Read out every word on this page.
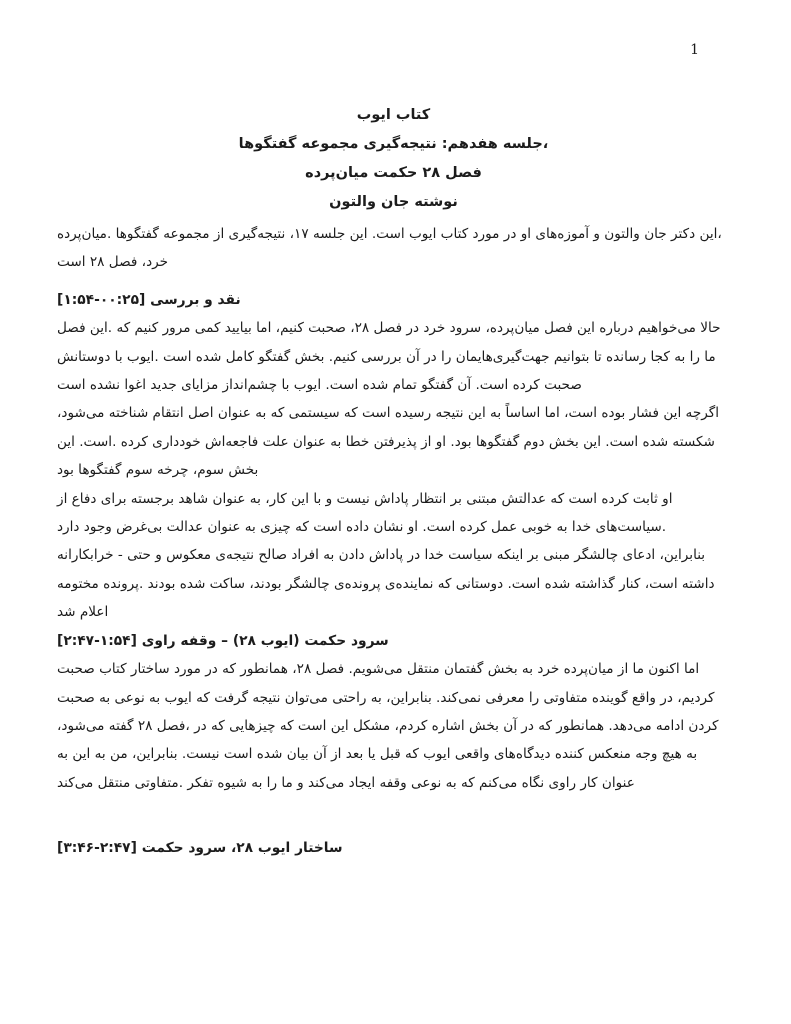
1
کتاب ایوب
،جلسه هفدهم: نتیجه‌گیری مجموعه گفتگوها
فصل ۲۸ حکمت میان‌پرده
نوشته جان والتون

،این دکتر جان والتون و آموزه‌های او در مورد کتاب ایوب است. این جلسه ۱۷، نتیجه‌گیری از مجموعه گفتگوها .میان‌پرده خرد، فصل ۲۸ است

نقد و بررسی [۰۰:۲۵-۱:۵۴]

حالا می‌خواهیم درباره این فصل میان‌پرده، سرود خرد در فصل ۲۸، صحبت کنیم، اما بیایید کمی مرور کنیم که .این فصل ما را به کجا رسانده تا بتوانیم جهت‌گیری‌هایمان را در آن بررسی کنیم. بخش گفتگو کامل شده است .ایوب با دوستانش صحبت کرده است. آن گفتگو تمام شده است. ایوب با چشم‌انداز مزایای جدید اغوا نشده است

اگرچه این فشار بوده است، اما اساساً به این نتیجه رسیده است که سیستمی که به عنوان اصل انتقام شناخته می‌شود، شکسته شده است. این بخش دوم گفتگوها بود. او از پذیرفتن خطا به عنوان علت فاجعه‌اش خودداری کرده .است. این بخش سوم، چرخه سوم گفتگوها بود

او ثابت کرده است که عدالتش مبتنی بر انتظار پاداش نیست و با این کار، به عنوان شاهد برجسته برای دفاع از .سیاست‌های خدا به خوبی عمل کرده است. او نشان داده است که چیزی به عنوان عدالت بی‌غرض وجود دارد

بنابراین، ادعای چالشگر مبنی بر اینکه سیاست خدا در پاداش دادن به افراد صالح نتیجه‌ی معکوس و حتی - خرابکارانه داشته است، کنار گذاشته شده است. دوستانی که نماینده‌ی پرونده‌ی چالشگر بودند، ساکت شده بودند .پرونده مختومه اعلام شد

سرود حکمت (ایوب ۲۸) – وقفه راوی [۱:۵۴-۲:۴۷]

اما اکنون ما از میان‌پرده خرد به بخش گفتمان منتقل می‌شویم. فصل ۲۸، همانطور که در مورد ساختار کتاب صحبت کردیم، در واقع گوینده متفاوتی را معرفی نمی‌کند. بنابراین، به راحتی می‌توان نتیجه گرفت که ایوب به نوعی به صحبت کردن ادامه می‌دهد. همانطور که در آن بخش اشاره کردم، مشکل این است که چیزهایی که در ،فصل ۲۸ گفته می‌شود، به هیچ وجه منعکس کننده دیدگاه‌های واقعی ایوب که قبل یا بعد از آن بیان شده است نیست. بنابراین، من به این به عنوان کار راوی نگاه می‌کنم که به نوعی وقفه ایجاد می‌کند و ما را به شیوه تفکر .متفاوتی منتقل می‌کند

ساختار ایوب ۲۸، سرود حکمت [۲:۴۷-۳:۴۶]
